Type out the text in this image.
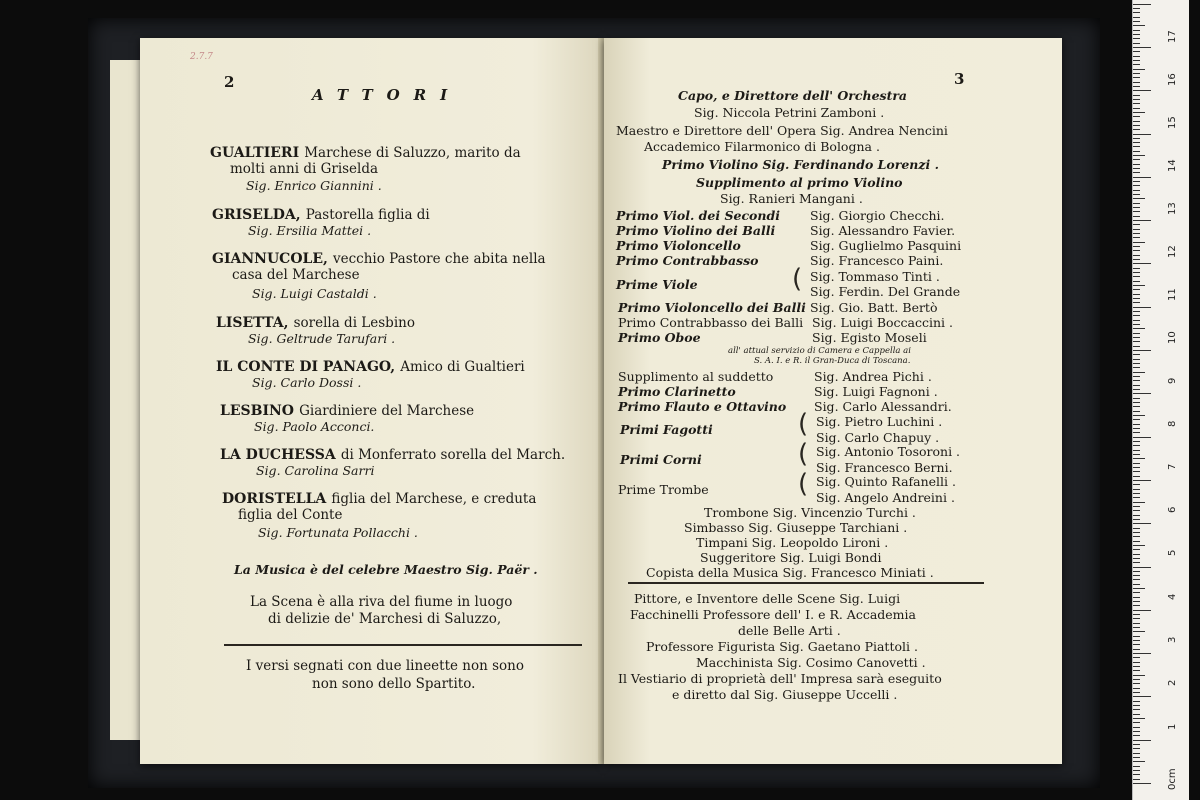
2.7.7
2
ATTORI
GUALTIERI Marchese di Saluzzo, marito da
molti anni di Griselda
Sig. Enrico Giannini .
GRISELDA, Pastorella figlia di
Sig. Ersilia Mattei .
GIANNUCOLE, vecchio Pastore che abita nella
casa del Marchese
Sig. Luigi Castaldi .
LISETTA, sorella di Lesbino
Sig. Geltrude Tarufari .
IL CONTE DI PANAGO, Amico di Gualtieri
Sig. Carlo Dossi .
LESBINO Giardiniere del Marchese
Sig. Paolo Acconci.
LA DUCHESSA di Monferrato sorella del March.
Sig. Carolina Sarri
DORISTELLA figlia del Marchese, e creduta
figlia del Conte
Sig. Fortunata Pollacchi .
La Musica è del celebre Maestro Sig. Paër .
La Scena è alla riva del fiume in luogo
di delizie de' Marchesi di Saluzzo,
I versi segnati con due lineette non sono
non sono dello Spartito.
3
Capo, e Direttore dell' Orchestra
Sig. Niccola Petrini Zamboni .
Maestro e Direttore dell' Opera Sig. Andrea Nencini
Accademico Filarmonico di Bologna .
Primo Violino Sig. Ferdinando Lorenzi .
Supplimento al primo Violino
Sig. Ranieri Mangani .
Primo Viol. dei Secondi Sig. Giorgio Checchi.
Primo Violino dei Balli	Sig. Alessandro Favier.
Primo Violoncello	Sig. Guglielmo Pasquini
Primo Contrabbasso	Sig. Francesco Paini.
Prime Viole	( Sig. Tommaso Tinti .
Sig. Ferdin. Del Grande
Primo Violoncello dei Balli Sig. Gio. Batt. Bertò
Primo Contrabbasso dei Balli Sig. Luigi Boccaccini .
Primo Oboe	Sig. Egisto Moseli
all' attual servizio di Camera e Cappella ai
S. A. I. e R. il Gran-Duca di Toscana.
Supplimento al suddetto	Sig. Andrea Pichi .
Primo Clarinetto	Sig. Luigi Fagnoni .
Primo Flauto e Ottavino Sig. Carlo Alessandri.
Primi Fagotti	( Sig. Pietro Luchini .
Sig. Carlo Chapuy .
Primi Corni	( Sig. Antonio Tosoroni .
Sig. Francesco Berni.
Prime Trombe	( Sig. Quinto Rafanelli .
Sig. Angelo Andreini .
Trombone Sig. Vincenzio Turchi .
Simbasso Sig. Giuseppe Tarchiani .
Timpani Sig. Leopoldo Lironi .
Suggeritore Sig. Luigi Bondi
Copista della Musica Sig. Francesco Miniati .
Pittore, e Inventore delle Scene Sig. Luigi
Facchinelli Professore dell' I. e R. Accademia
delle Belle Arti .
Professore Figurista Sig. Gaetano Piattoli .
Macchinista Sig. Cosimo Canovetti .
Il Vestiario di proprietà dell' Impresa sarà eseguito
e diretto dal Sig. Giuseppe Uccelli .
0cm
1
2
3
4
5
6
7
8
9
10
11
12
13
14
15
16
17
